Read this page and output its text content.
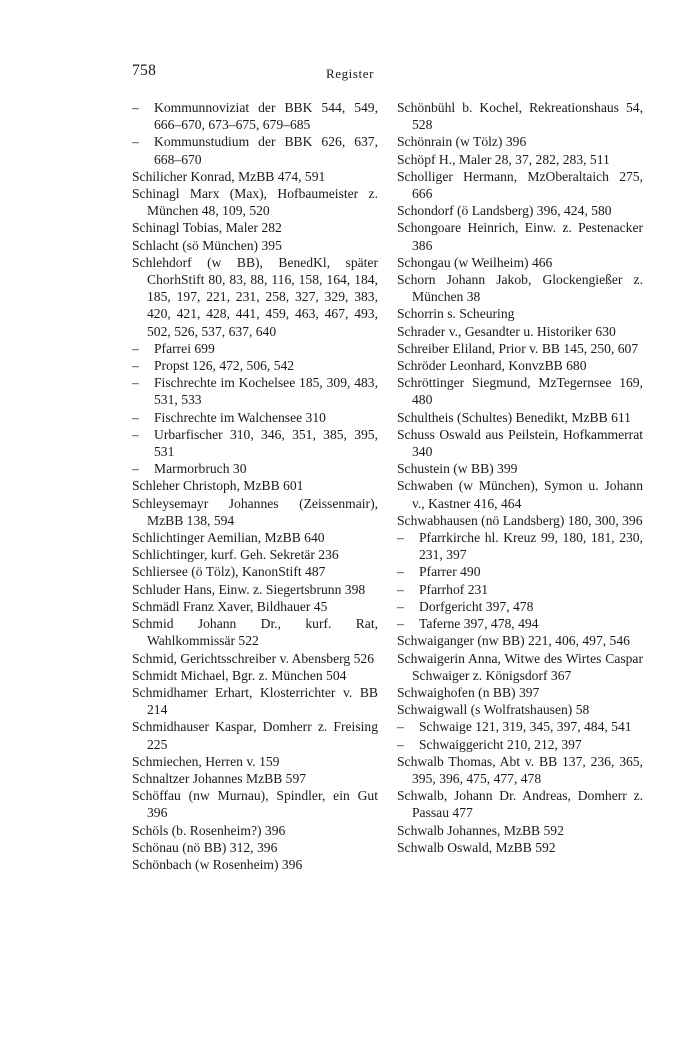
758	Register

– Kommunnoviziat der BBK 544, 549, 666–670, 673–675, 679–685

– Kommunstudium der BBK 626, 637, 668–670

Schilicher Konrad, MzBB 474, 591

Schinagl Marx (Max), Hofbaumeister z. München 48, 109, 520

Schinagl Tobias, Maler 282

Schlacht (sö München) 395

Schlehdorf (w BB), BenedKl, später ChorhStift 80, 83, 88, 116, 158, 164, 184, 185, 197, 221, 231, 258, 327, 329, 383, 420, 421, 428, 441, 459, 463, 467, 493, 502, 526, 537, 637, 640

– Pfarrei 699

– Propst 126, 472, 506, 542

– Fischrechte im Kochelsee 185, 309, 483, 531, 533

– Fischrechte im Walchensee 310

– Urbarfischer 310, 346, 351, 385, 395, 531

– Marmorbruch 30

Schleher Christoph, MzBB 601

Schleysemayr Johannes (Zeissenmair), MzBB 138, 594

Schlichtinger Aemilian, MzBB 640

Schlichtinger, kurf. Geh. Sekretär 236

Schliersee (ö Tölz), KanonStift 487

Schluder Hans, Einw. z. Siegertsbrunn 398

Schmädl Franz Xaver, Bildhauer 45

Schmid Johann Dr., kurf. Rat, Wahlkommissär 522

Schmid, Gerichtsschreiber v. Abensberg 526

Schmidt Michael, Bgr. z. München 504

Schmidhamer Erhart, Klosterrichter v. BB 214

Schmidhauser Kaspar, Domherr z. Freising 225

Schmiechen, Herren v. 159

Schnaltzer Johannes MzBB 597

Schöffau (nw Murnau), Spindler, ein Gut 396

Schöls (b. Rosenheim?) 396

Schönau (nö BB) 312, 396

Schönbach (w Rosenheim) 396

Schönbühl b. Kochel, Rekreationshaus 54, 528

Schönrain (w Tölz) 396

Schöpf H., Maler 28, 37, 282, 283, 511

Scholliger Hermann, MzOberaltaich 275, 666

Schondorf (ö Landsberg) 396, 424, 580

Schongoare Heinrich, Einw. z. Pestenacker 386

Schongau (w Weilheim) 466

Schorn Johann Jakob, Glockengießer z. München 38

Schorrin s. Scheuring

Schrader v., Gesandter u. Historiker 630

Schreiber Eliland, Prior v. BB 145, 250, 607

Schröder Leonhard, KonvzBB 680

Schröttinger Siegmund, MzTegernsee 169, 480

Schultheis (Schultes) Benedikt, MzBB 611

Schuss Oswald aus Peilstein, Hofkammerrat 340

Schustein (w BB) 399

Schwaben (w München), Symon u. Johann v., Kastner 416, 464

Schwabhausen (nö Landsberg) 180, 300, 396

– Pfarrkirche hl. Kreuz 99, 180, 181, 230, 231, 397

– Pfarrer 490

– Pfarrhof 231

– Dorfgericht 397, 478

– Taferne 397, 478, 494

Schwaiganger (nw BB) 221, 406, 497, 546

Schwaigerin Anna, Witwe des Wirtes Caspar Schwaiger z. Königsdorf 367

Schwaighofen (n BB) 397

Schwaigwall (s Wolfratshausen) 58

– Schwaige 121, 319, 345, 397, 484, 541

– Schwaiggericht 210, 212, 397

Schwalb Thomas, Abt v. BB 137, 236, 365, 395, 396, 475, 477, 478

Schwalb, Johann Dr. Andreas, Domherr z. Passau 477

Schwalb Johannes, MzBB 592

Schwalb Oswald, MzBB 592
